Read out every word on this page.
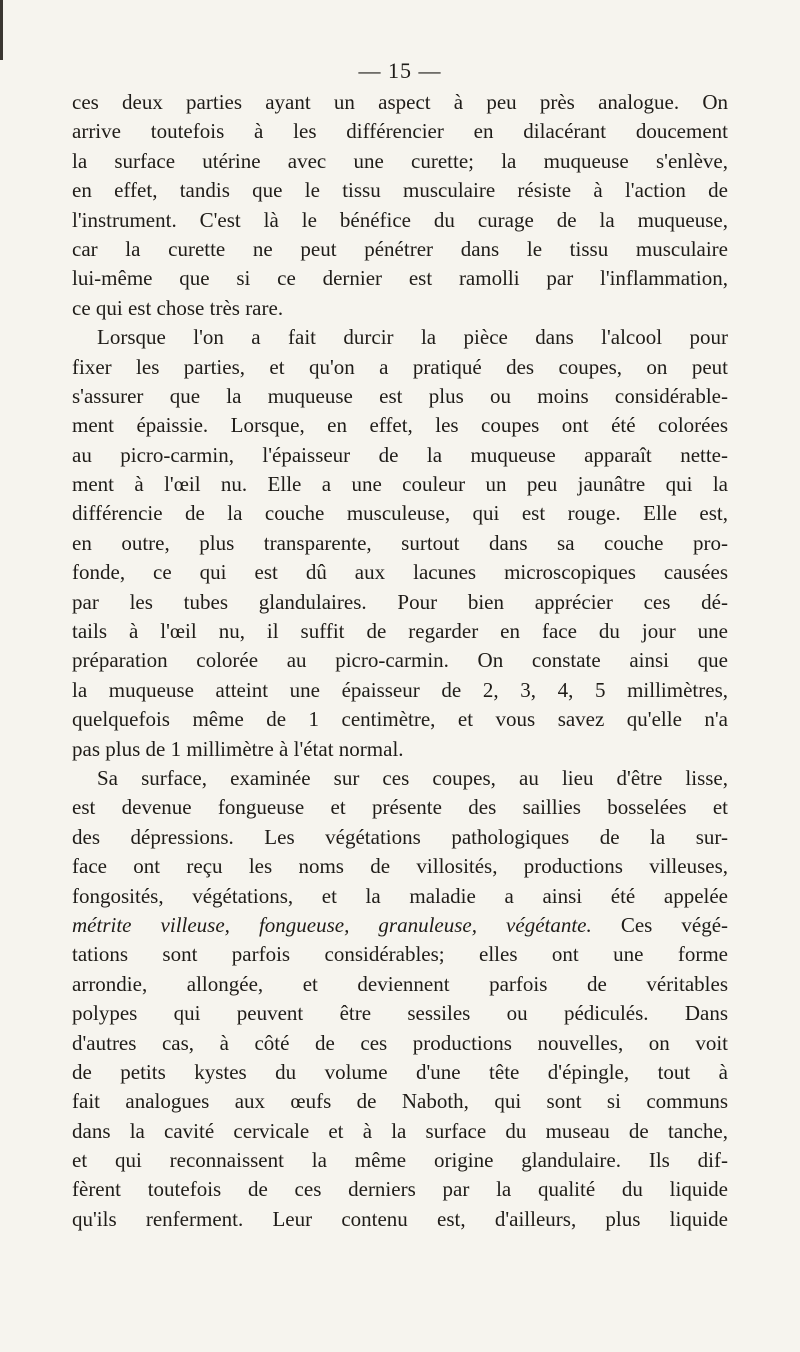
— 15 —
ces deux parties ayant un aspect à peu près analogue. On
arrive toutefois à les différencier en dilacérant doucement
la surface utérine avec une curette; la muqueuse s'enlève,
en effet, tandis que le tissu musculaire résiste à l'action de
l'instrument. C'est là le bénéfice du curage de la muqueuse,
car la curette ne peut pénétrer dans le tissu musculaire
lui-même que si ce dernier est ramolli par l'inflammation,
ce qui est chose très rare.
Lorsque l'on a fait durcir la pièce dans l'alcool pour
fixer les parties, et qu'on a pratiqué des coupes, on peut
s'assurer que la muqueuse est plus ou moins considérable-
ment épaissie. Lorsque, en effet, les coupes ont été colorées
au picro-carmin, l'épaisseur de la muqueuse apparaît nette-
ment à l'œil nu. Elle a une couleur un peu jaunâtre qui la
différencie de la couche musculeuse, qui est rouge. Elle est,
en outre, plus transparente, surtout dans sa couche pro-
fonde, ce qui est dû aux lacunes microscopiques causées
par les tubes glandulaires. Pour bien apprécier ces dé-
tails à l'œil nu, il suffit de regarder en face du jour une
préparation colorée au picro-carmin. On constate ainsi que
la muqueuse atteint une épaisseur de 2, 3, 4, 5 millimètres,
quelquefois même de 1 centimètre, et vous savez qu'elle n'a
pas plus de 1 millimètre à l'état normal.
Sa surface, examinée sur ces coupes, au lieu d'être lisse,
est devenue fongueuse et présente des saillies bosselées et
des dépressions. Les végétations pathologiques de la sur-
face ont reçu les noms de villosités, productions villeuses,
fongosités, végétations, et la maladie a ainsi été appelée
métrite villeuse, fongueuse, granuleuse, végétante. Ces végé-
tations sont parfois considérables; elles ont une forme
arrondie, allongée, et deviennent parfois de véritables
polypes qui peuvent être sessiles ou pédiculés. Dans
d'autres cas, à côté de ces productions nouvelles, on voit
de petits kystes du volume d'une tête d'épingle, tout à
fait analogues aux œufs de Naboth, qui sont si communs
dans la cavité cervicale et à la surface du museau de tanche,
et qui reconnaissent la même origine glandulaire. Ils dif-
fèrent toutefois de ces derniers par la qualité du liquide
qu'ils renferment. Leur contenu est, d'ailleurs, plus liquide
